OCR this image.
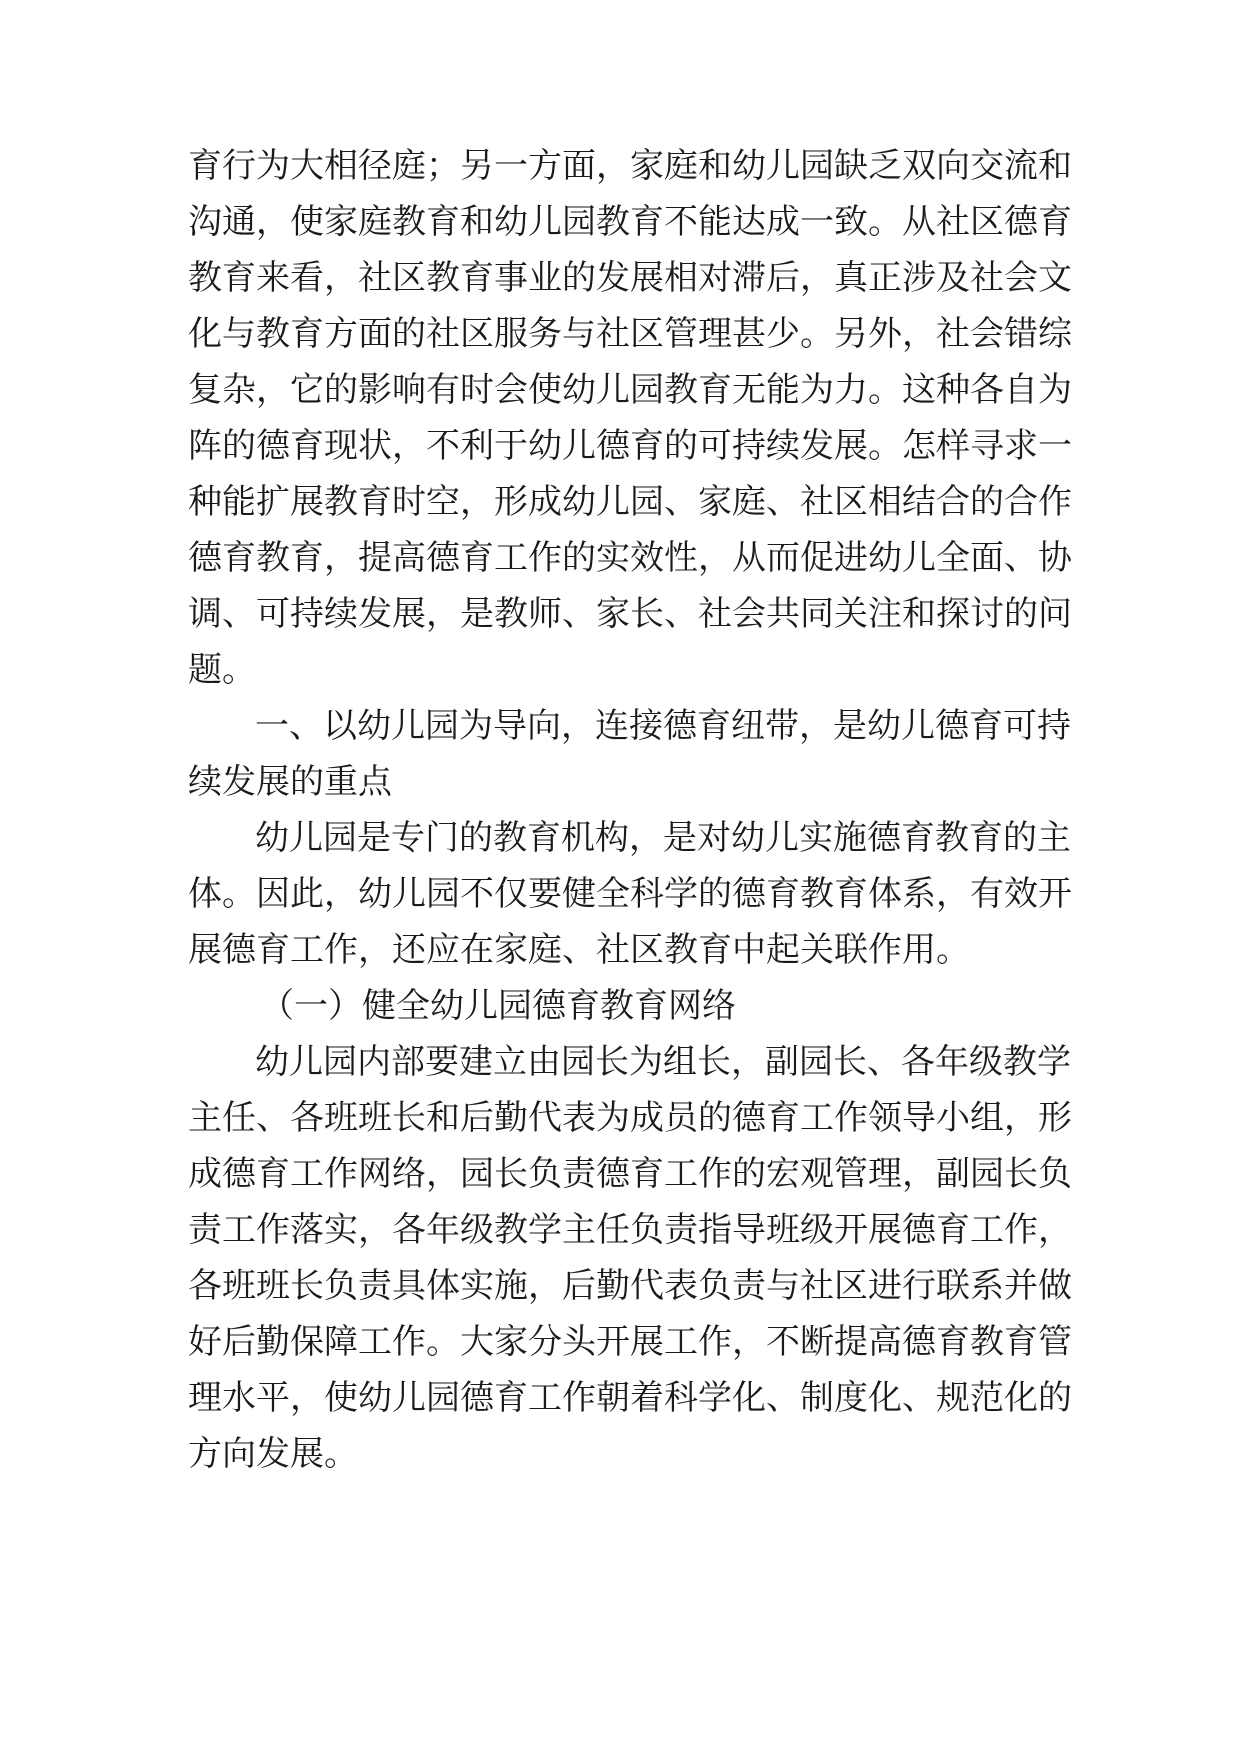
育行为大相径庭；另一方面，家庭和幼儿园缺乏双向交流和
沟通，使家庭教育和幼儿园教育不能达成一致。从社区德育
教育来看，社区教育事业的发展相对滞后，真正涉及社会文
化与教育方面的社区服务与社区管理甚少。另外，社会错综
复杂，它的影响有时会使幼儿园教育无能为力。这种各自为
阵的德育现状，不利于幼儿德育的可持续发展。怎样寻求一
种能扩展教育时空，形成幼儿园、家庭、社区相结合的合作
德育教育，提高德育工作的实效性，从而促进幼儿全面、协
调、可持续发展，是教师、家长、社会共同关注和探讨的问
题。
一、以幼儿园为导向，连接德育纽带，是幼儿德育可持
续发展的重点
幼儿园是专门的教育机构，是对幼儿实施德育教育的主
体。因此，幼儿园不仅要健全科学的德育教育体系，有效开
展德育工作，还应在家庭、社区教育中起关联作用。
（一）健全幼儿园德育教育网络
幼儿园内部要建立由园长为组长，副园长、各年级教学
主任、各班班长和后勤代表为成员的德育工作领导小组，形
成德育工作网络，园长负责德育工作的宏观管理，副园长负
责工作落实，各年级教学主任负责指导班级开展德育工作，
各班班长负责具体实施，后勤代表负责与社区进行联系并做
好后勤保障工作。大家分头开展工作，不断提高德育教育管
理水平，使幼儿园德育工作朝着科学化、制度化、规范化的
方向发展。
